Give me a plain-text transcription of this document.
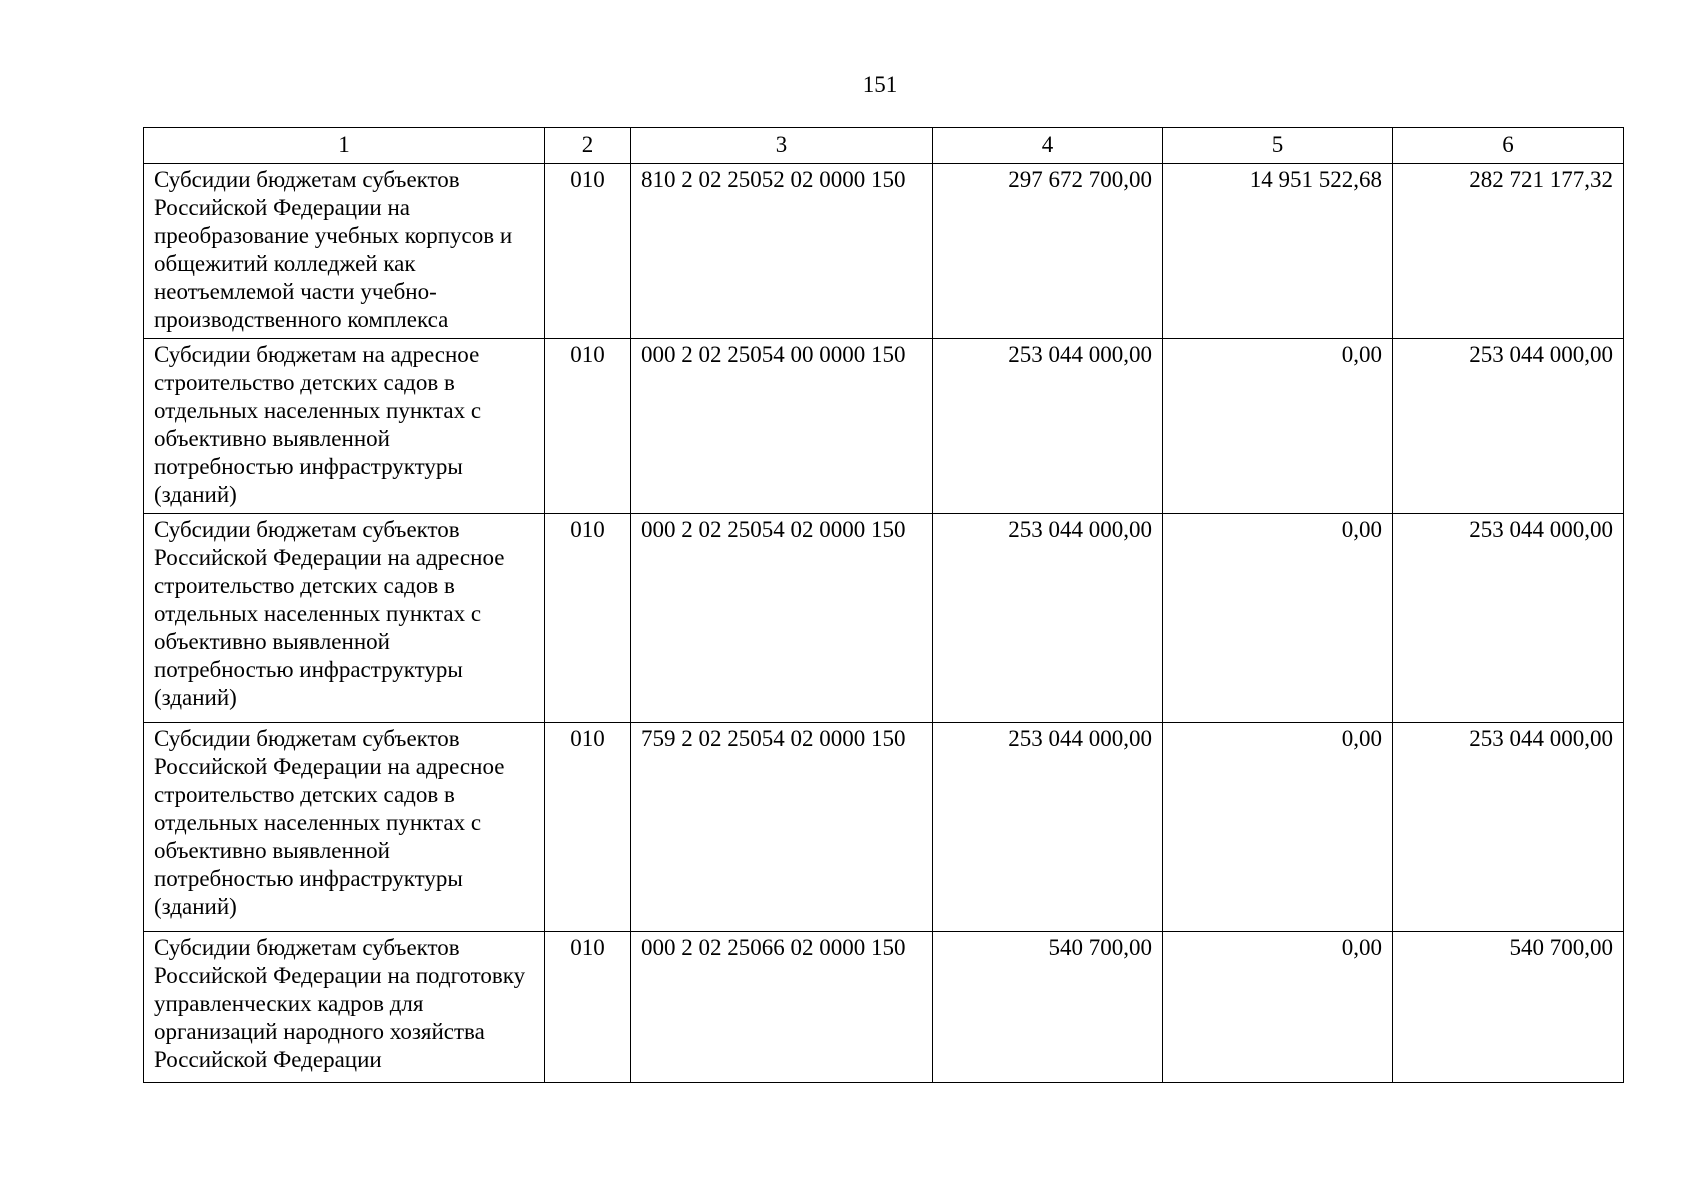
151
1	2	3	4	5	6
Субсидии бюджетам субъектов Российской Федерации на преобразование учебных корпусов и общежитий колледжей как неотъемлемой части учебно-производственного комплекса	010	810 2 02 25052 02 0000 150	297 672 700,00	14 951 522,68	282 721 177,32
Субсидии бюджетам на адресное строительство детских садов в отдельных населенных пунктах с объективно выявленной потребностью инфраструктуры (зданий)	010	000 2 02 25054 00 0000 150	253 044 000,00	0,00	253 044 000,00
Субсидии бюджетам субъектов Российской Федерации на адресное строительство детских садов в отдельных населенных пунктах с объективно выявленной потребностью инфраструктуры (зданий)	010	000 2 02 25054 02 0000 150	253 044 000,00	0,00	253 044 000,00
Субсидии бюджетам субъектов Российской Федерации на адресное строительство детских садов в отдельных населенных пунктах с объективно выявленной потребностью инфраструктуры (зданий)	010	759 2 02 25054 02 0000 150	253 044 000,00	0,00	253 044 000,00
Субсидии бюджетам субъектов Российской Федерации на подготовку управленческих кадров для организаций народного хозяйства Российской Федерации	010	000 2 02 25066 02 0000 150	540 700,00	0,00	540 700,00
